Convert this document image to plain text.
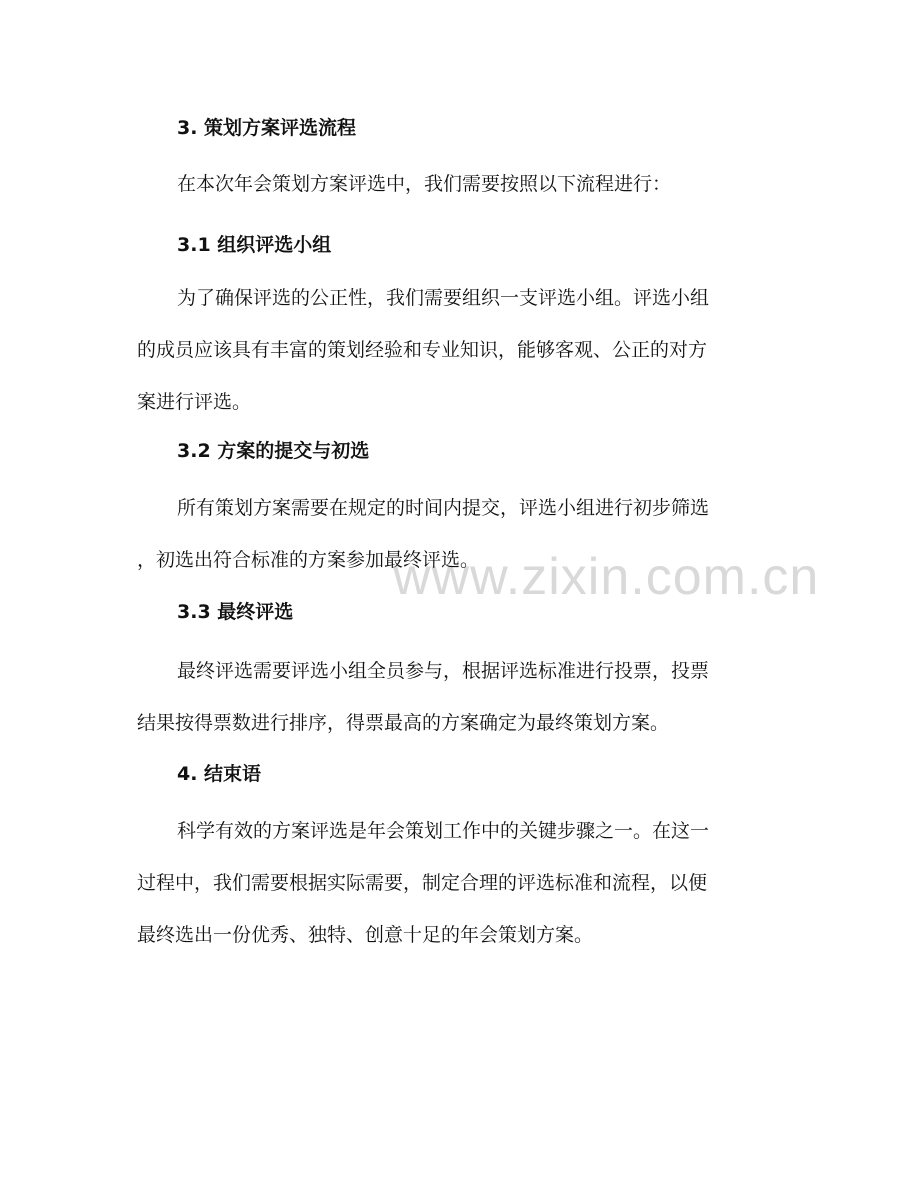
www.zixin.com.cn
3. 策划方案评选流程
在本次年会策划方案评选中，我们需要按照以下流程进行：
3.1 组织评选小组
为了确保评选的公正性，我们需要组织一支评选小组。评选小组
的成员应该具有丰富的策划经验和专业知识，能够客观、公正的对方
案进行评选。
3.2 方案的提交与初选
所有策划方案需要在规定的时间内提交，评选小组进行初步筛选
，初选出符合标准的方案参加最终评选。
3.3 最终评选
最终评选需要评选小组全员参与，根据评选标准进行投票，投票
结果按得票数进行排序，得票最高的方案确定为最终策划方案。
4. 结束语
科学有效的方案评选是年会策划工作中的关键步骤之一。在这一
过程中，我们需要根据实际需要，制定合理的评选标准和流程，以便
最终选出一份优秀、独特、创意十足的年会策划方案。
